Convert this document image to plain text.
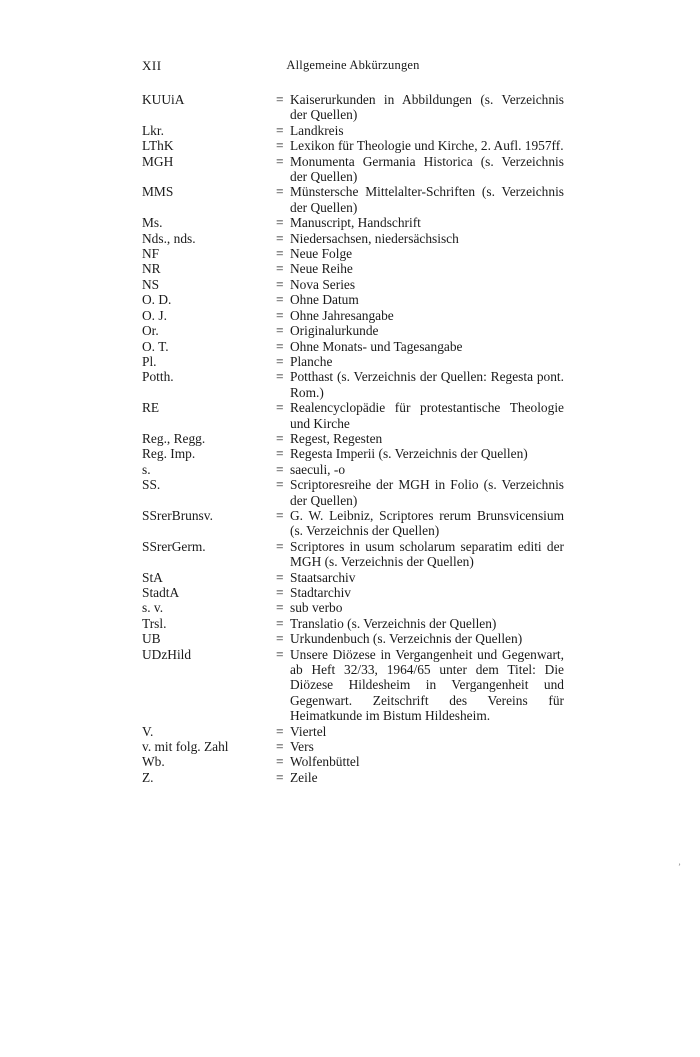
XII	Allgemeine Abkürzungen
KUUiA	= Kaiserurkunden in Abbildungen (s. Verzeichnis der Quellen)
Lkr.	= Landkreis
LThK	= Lexikon für Theologie und Kirche, 2. Aufl. 1957ff.
MGH	= Monumenta Germania Historica (s. Verzeichnis der Quellen)
MMS	= Münstersche Mittelalter-Schriften (s. Verzeichnis der Quellen)
Ms.	= Manuscript, Handschrift
Nds., nds.	= Niedersachsen, niedersächsisch
NF	= Neue Folge
NR	= Neue Reihe
NS	= Nova Series
O. D.	= Ohne Datum
O. J.	= Ohne Jahresangabe
Or.	= Originalurkunde
O. T.	= Ohne Monats- und Tagesangabe
Pl.	= Planche
Potth.	= Potthast (s. Verzeichnis der Quellen: Regesta pont. Rom.)
RE	= Realencyclopädie für protestantische Theologie und Kirche
Reg., Regg.	= Regest, Regesten
Reg. Imp.	= Regesta Imperii (s. Verzeichnis der Quellen)
s.	= saeculi, -o
SS.	= Scriptoresreihe der MGH in Folio (s. Verzeichnis der Quellen)
SSrerBrunsv.	= G. W. Leibniz, Scriptores rerum Brunsvicensium (s. Verzeichnis der Quellen)
SSrerGerm.	= Scriptores in usum scholarum separatim editi der MGH (s. Verzeichnis der Quellen)
StA	= Staatsarchiv
StadtA	= Stadtarchiv
s. v.	= sub verbo
Trsl.	= Translatio (s. Verzeichnis der Quellen)
UB	= Urkundenbuch (s. Verzeichnis der Quellen)
UDzHild	= Unsere Diözese in Vergangenheit und Gegenwart, ab Heft 32/33, 1964/65 unter dem Titel: Die Diözese Hildesheim in Vergangenheit und Gegenwart. Zeitschrift des Vereins für Heimatkunde im Bistum Hildesheim.
V.	= Viertel
v. mit folg. Zahl	= Vers
Wb.	= Wolfenbüttel
Z.	= Zeile
ʼ
